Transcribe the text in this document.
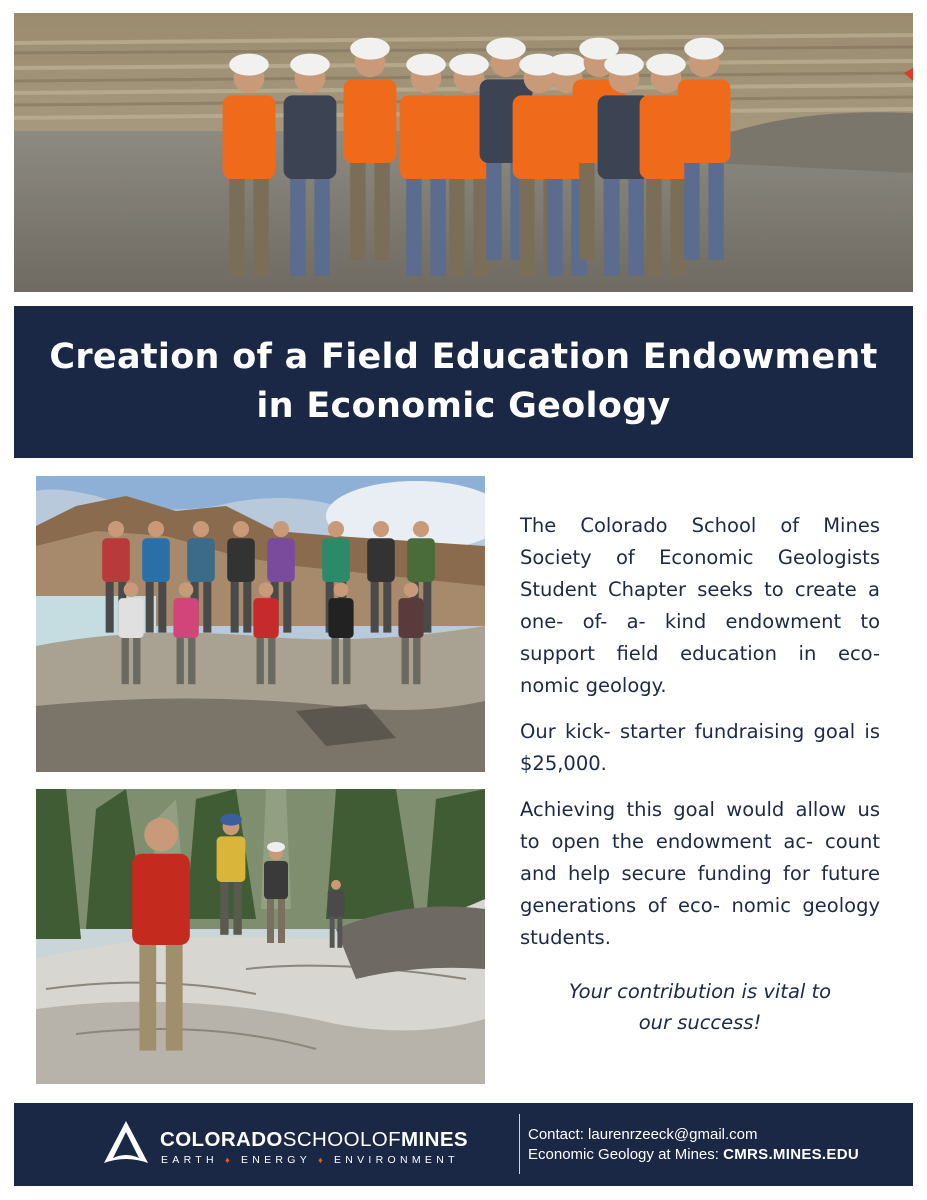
Creation of a Field Education Endowment
in Economic Geology

The Colorado School of Mines Society of Economic Geologists Student Chapter seeks to create a one- of- a- kind endowment to support field education in eco- nomic geology.

Our kick- starter fundraising goal is $25,000.

Achieving this goal would allow us to open the endowment ac- count and help secure funding for future generations of eco- nomic geology students.

Your contribution is vital to
our success!

COLORADOSCHOOLOFMINES
EARTH ♦ ENERGY ♦ ENVIRONMENT
Contact: laurenrzeeck@gmail.com
Economic Geology at Mines: CMRS.MINES.EDU
